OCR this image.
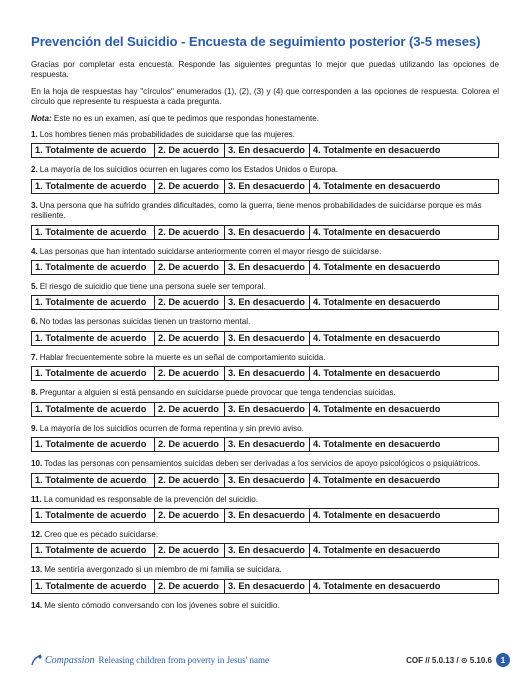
Prevención del Suicidio - Encuesta de seguimiento posterior (3-5 meses)

Gracias por completar esta encuesta. Responde las siguientes preguntas lo mejor que puedas utilizando las opciones de respuesta.

En la hoja de respuestas hay "círculos" enumerados (1), (2), (3) y (4) que corresponden a las opciones de respuesta. Colorea el círculo que represente tu respuesta a cada pregunta.

Nota: Este no es un examen, así que te pedimos que respondas honestamente.

1. Los hombres tienen más probabilidades de suicidarse que las mujeres.

1. Totalmente de acuerdo	2. De acuerdo	3. En desacuerdo	4. Totalmente en desacuerdo

2. La mayoría de los suicidios ocurren en lugares como los Estados Unidos o Europa.

1. Totalmente de acuerdo	2. De acuerdo	3. En desacuerdo	4. Totalmente en desacuerdo

3. Una persona que ha sufrido grandes dificultades, como la guerra, tiene menos probabilidades de suicidarse porque es más resiliente.

1. Totalmente de acuerdo	2. De acuerdo	3. En desacuerdo	4. Totalmente en desacuerdo

4. Las personas que han intentado suicidarse anteriormente corren el mayor riesgo de suicidarse.

1. Totalmente de acuerdo	2. De acuerdo	3. En desacuerdo	4. Totalmente en desacuerdo

5. El riesgo de suicidio que tiene una persona suele ser temporal.

1. Totalmente de acuerdo	2. De acuerdo	3. En desacuerdo	4. Totalmente en desacuerdo

6. No todas las personas suicidas tienen un trastorno mental.

1. Totalmente de acuerdo	2. De acuerdo	3. En desacuerdo	4. Totalmente en desacuerdo

7. Hablar frecuentemente sobre la muerte es un señal de comportamiento suicida.

1. Totalmente de acuerdo	2. De acuerdo	3. En desacuerdo	4. Totalmente en desacuerdo

8. Preguntar a alguien si está pensando en suicidarse puede provocar que tenga tendencias suicidas.

1. Totalmente de acuerdo	2. De acuerdo	3. En desacuerdo	4. Totalmente en desacuerdo

9. La mayoría de los suicidios ocurren de forma repentina y sin previo aviso.

1. Totalmente de acuerdo	2. De acuerdo	3. En desacuerdo	4. Totalmente en desacuerdo

10. Todas las personas con pensamientos suicidas deben ser derivadas a los servicios de apoyo psicológicos o psiquiátricos.

1. Totalmente de acuerdo	2. De acuerdo	3. En desacuerdo	4. Totalmente en desacuerdo

11. La comunidad es responsable de la prevención del suicidio.

1. Totalmente de acuerdo	2. De acuerdo	3. En desacuerdo	4. Totalmente en desacuerdo

12. Creo que es pecado suicidarse.

1. Totalmente de acuerdo	2. De acuerdo	3. En desacuerdo	4. Totalmente en desacuerdo

13. Me sentiría avergonzado si un miembro de mi familia se suicidara.

1. Totalmente de acuerdo	2. De acuerdo	3. En desacuerdo	4. Totalmente en desacuerdo

14. Me siento cómodo conversando con los jóvenes sobre el suicidio.

Compassion Releasing children from poverty in Jesus' name	COF // 5.0.13 / ⊙ 5.10.6	1
